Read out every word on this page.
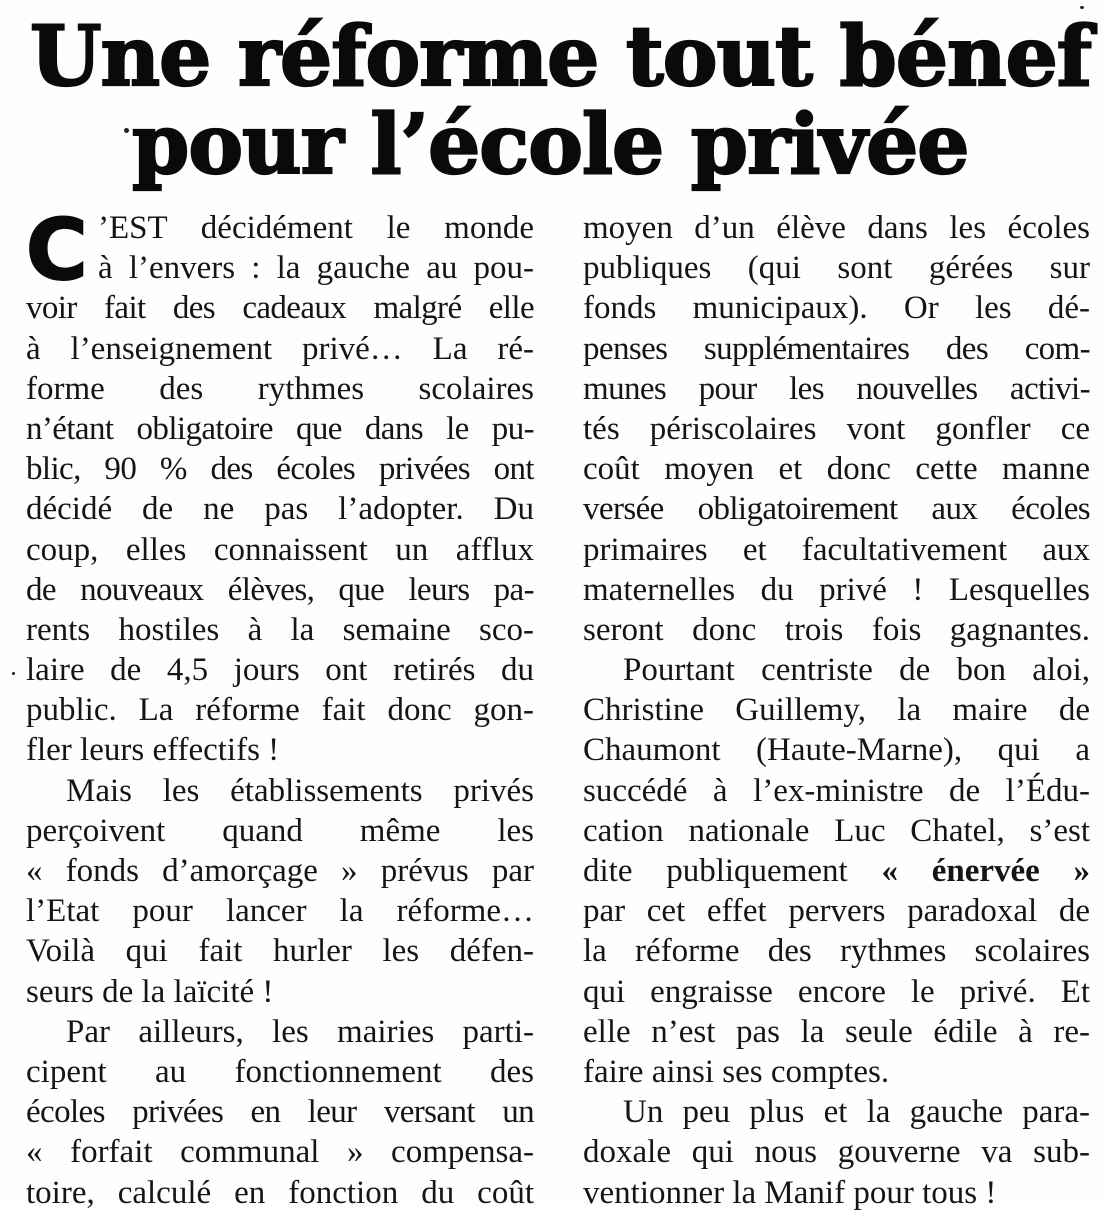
Une réforme tout bénef
pour l’école privée
C ’EST décidément le monde
à l’envers : la gauche au pou-
voir fait des cadeaux malgré elle
à l’enseignement privé… La ré-
forme des rythmes scolaires
n’étant obligatoire que dans le pu-
blic, 90 % des écoles privées ont
décidé de ne pas l’adopter. Du
coup, elles connaissent un afflux
de nouveaux élèves, que leurs pa-
rents hostiles à la semaine sco-
laire de 4,5 jours ont retirés du
public. La réforme fait donc gon-
fler leurs effectifs !
Mais les établissements privés
perçoivent quand même les
« fonds d’amorçage » prévus par
l’Etat pour lancer la réforme…
Voilà qui fait hurler les défen-
seurs de la laïcité !
Par ailleurs, les mairies parti-
cipent au fonctionnement des
écoles privées en leur versant un
« forfait communal » compensa-
toire, calculé en fonction du coût
moyen d’un élève dans les écoles
publiques (qui sont gérées sur
fonds municipaux). Or les dé-
penses supplémentaires des com-
munes pour les nouvelles activi-
tés périscolaires vont gonfler ce
coût moyen et donc cette manne
versée obligatoirement aux écoles
primaires et facultativement aux
maternelles du privé ! Lesquelles
seront donc trois fois gagnantes.
Pourtant centriste de bon aloi,
Christine Guillemy, la maire de
Chaumont (Haute-Marne), qui a
succédé à l’ex-ministre de l’Édu-
cation nationale Luc Chatel, s’est
dite publiquement « énervée »
par cet effet pervers paradoxal de
la réforme des rythmes scolaires
qui engraisse encore le privé. Et
elle n’est pas la seule édile à re-
faire ainsi ses comptes.
Un peu plus et la gauche para-
doxale qui nous gouverne va sub-
ventionner la Manif pour tous !
